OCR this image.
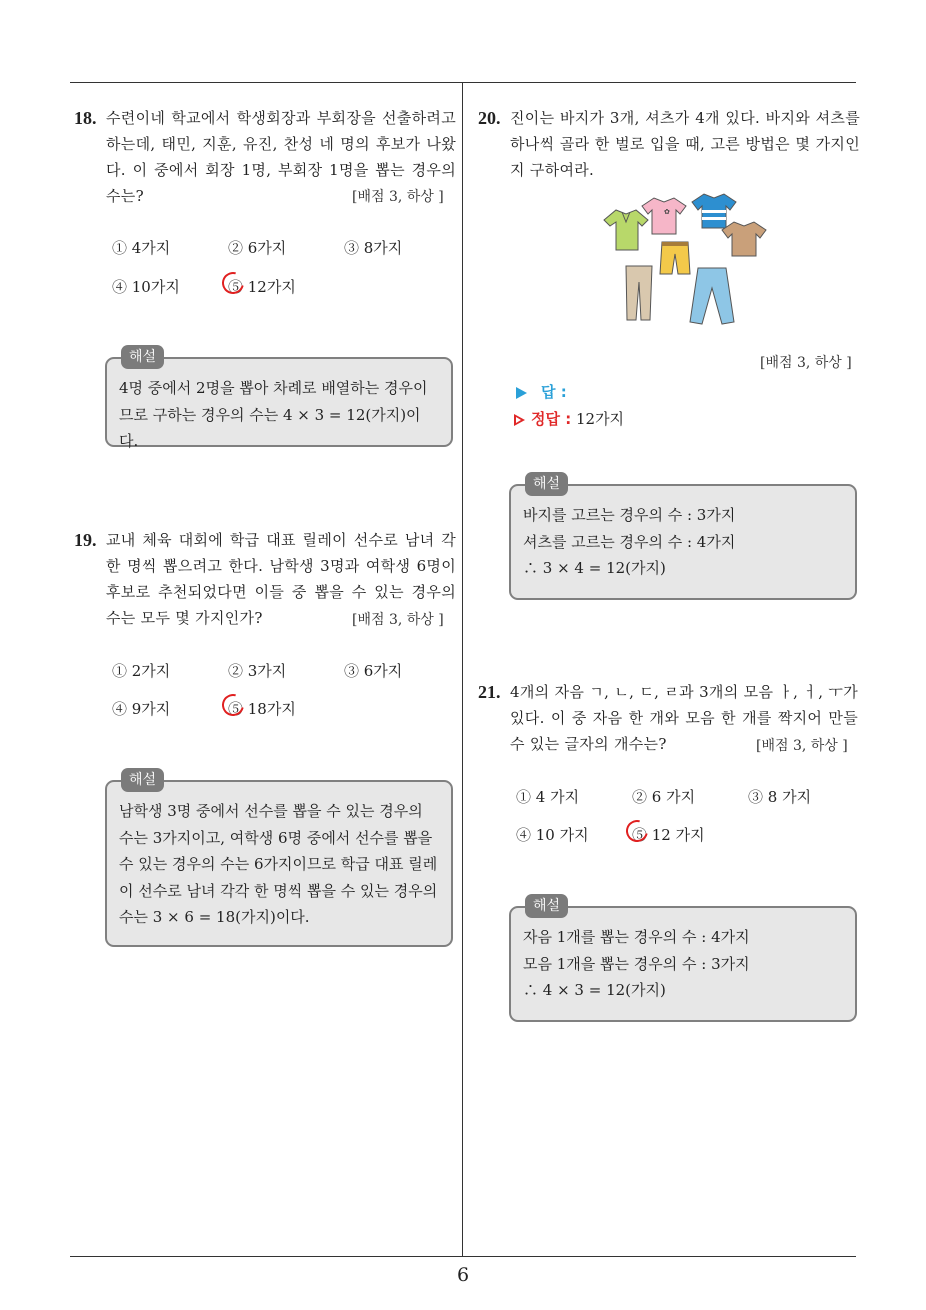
6
18. 수련이네 학교에서 학생회장과 부회장을 선출하려고 하는데, 태민, 지훈, 유진, 찬성 네 명의 후보가 나왔다. 이 중에서 회장 1명, 부회장 1명을 뽑는 경우의 수는?	[배점 3, 하상 ]
① 4가지	② 6가지	③ 8가지
④ 10가지	⑤ 12가지
해설
4명 중에서 2명을 뽑아 차례로 배열하는 경우이
므로 구하는 경우의 수는 4 × 3 = 12(가지)이다.
19. 교내 체육 대회에 학급 대표 릴레이 선수로 남녀 각 한 명씩 뽑으려고 한다. 남학생 3명과 여학생 6명이 후보로 추천되었다면 이들 중 뽑을 수 있는 경우의 수는 모두 몇 가지인가?	[배점 3, 하상 ]
① 2가지	② 3가지	③ 6가지
④ 9가지	⑤ 18가지
해설
남학생 3명 중에서 선수를 뽑을 수 있는 경우의
수는 3가지이고, 여학생 6명 중에서 선수를 뽑을
수 있는 경우의 수는 6가지이므로 학급 대표 릴레
이 선수로 남녀 각각 한 명씩 뽑을 수 있는 경우의
수는 3 × 6 = 18(가지)이다.
20. 진이는 바지가 3개, 셔츠가 4개 있다. 바지와 셔츠를 하나씩 골라 한 벌로 입을 때, 고른 방법은 몇 가지인지 구하여라.
✿
[배점 3, 하상 ]
답 :
정답 : 12가지
해설
바지를 고르는 경우의 수 : 3가지
셔츠를 고르는 경우의 수 : 4가지
∴ 3 × 4 = 12(가지)
21. 4개의 자음 ㄱ, ㄴ, ㄷ, ㄹ과 3개의 모음 ㅏ, ㅓ, ㅜ가 있다. 이 중 자음 한 개와 모음 한 개를 짝지어 만들 수 있는 글자의 개수는?	[배점 3, 하상 ]
① 4 가지	② 6 가지	③ 8 가지
④ 10 가지	⑤ 12 가지
해설
자음 1개를 뽑는 경우의 수 : 4가지
모음 1개을 뽑는 경우의 수 : 3가지
∴ 4 × 3 = 12(가지)
